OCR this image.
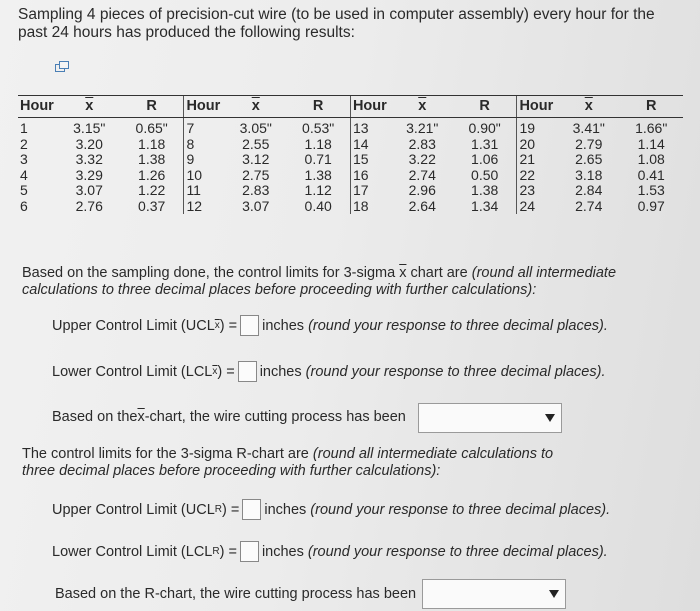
Sampling 4 pieces of precision-cut wire (to be used in computer assembly) every hour for the past 24 hours has produced the following results:
Hour	$\overline{x}$	R	Hour	$\overline{x}$	R	Hour	$\overline{x}$	R	Hour	$\overline{x}$	R
1	3.15"	0.65"	7	3.05"	0.53"	13	3.21"	0.90"	19	3.41"	1.66"
2	3.20	1.18	8	2.55	1.18	14	2.83	1.31	20	2.79	1.14
3	3.32	1.38	9	3.12	0.71	15	3.22	1.06	21	2.65	1.08
4	3.29	1.26	10	2.75	1.38	16	2.74	0.50	22	3.18	0.41
5	3.07	1.22	11	2.83	1.12	17	2.96	1.38	23	2.84	1.53
6	2.76	0.37	12	3.07	0.40	18	2.64	1.34	24	2.74	0.97
Based on the sampling done, the control limits for 3-sigma $\overline{x}$ chart are (round all intermediate calculations to three decimal places before proceeding with further calculations):
Upper Control Limit (UCL $\overline{x}$ ) = inches
(round your response to three decimal places).
Lower Control Limit (LCL $\overline{x}$ ) = inches
(round your response to three decimal places).
Based on the $\overline{x}$ -chart, the wire cutting process has been
The control limits for the 3-sigma R-chart are (round all intermediate calculations to three decimal places before proceeding with further calculations):
Upper Control Limit (UCL R ) = inches
(round your response to three decimal places).
Lower Control Limit (LCL R ) = inches
(round your response to three decimal places).
Based on the R-chart, the wire cutting process has been
